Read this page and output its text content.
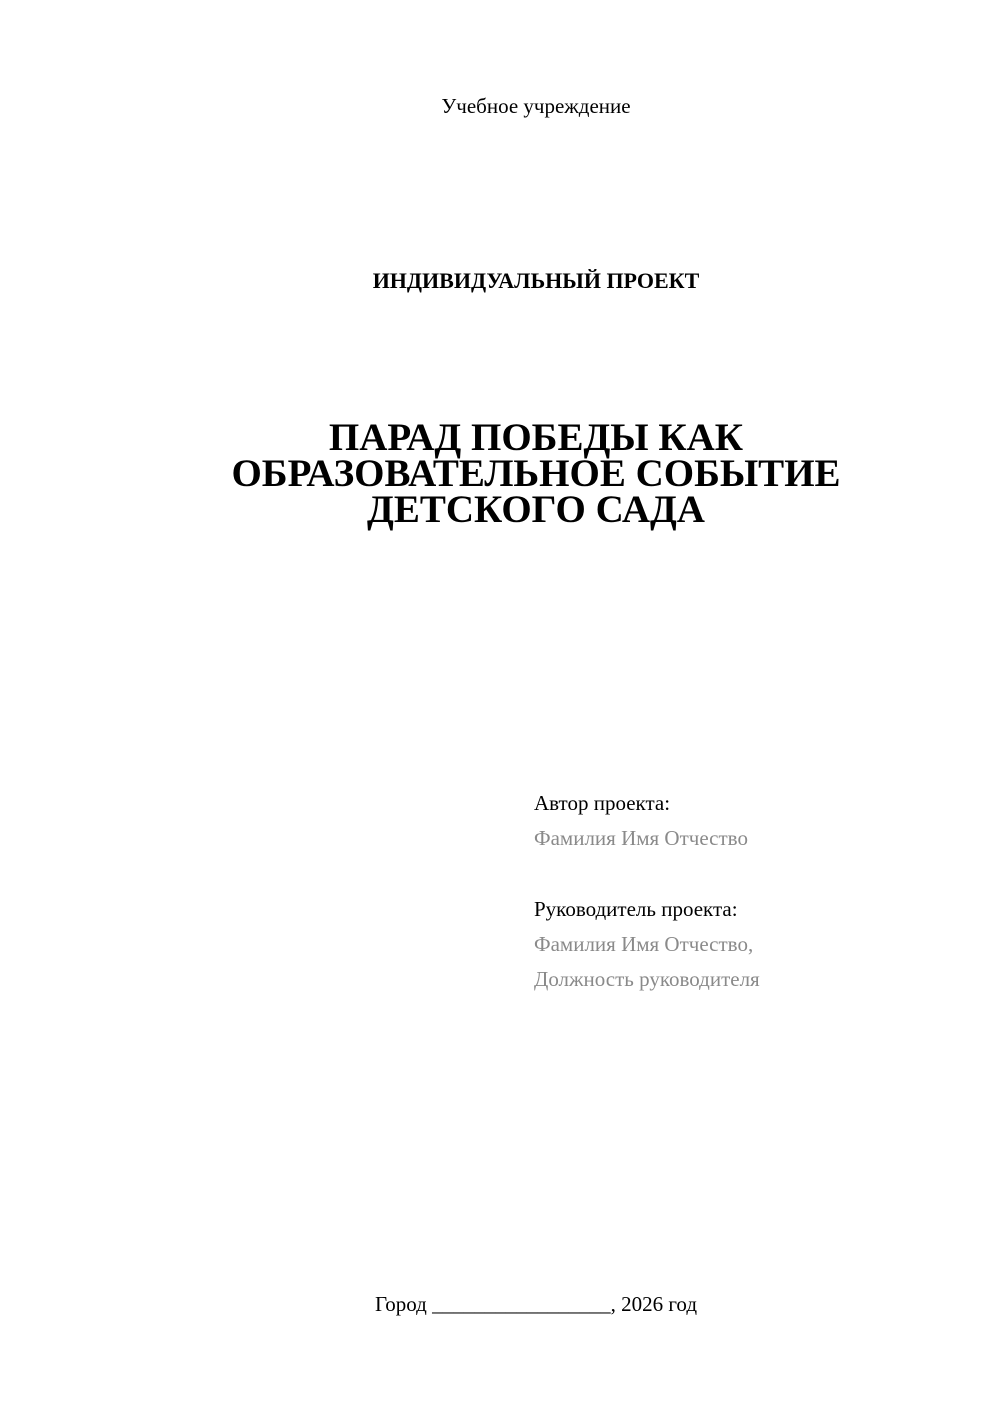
Учебное учреждение
ИНДИВИДУАЛЬНЫЙ ПРОЕКТ
ПАРАД ПОБЕДЫ КАК
ОБРАЗОВАТЕЛЬНОЕ СОБЫТИЕ
ДЕТСКОГО САДА
Автор проекта:
Фамилия Имя Отчество
Руководитель проекта:
Фамилия Имя Отчество,
Должность руководителя
Город _________________, 2026 год
